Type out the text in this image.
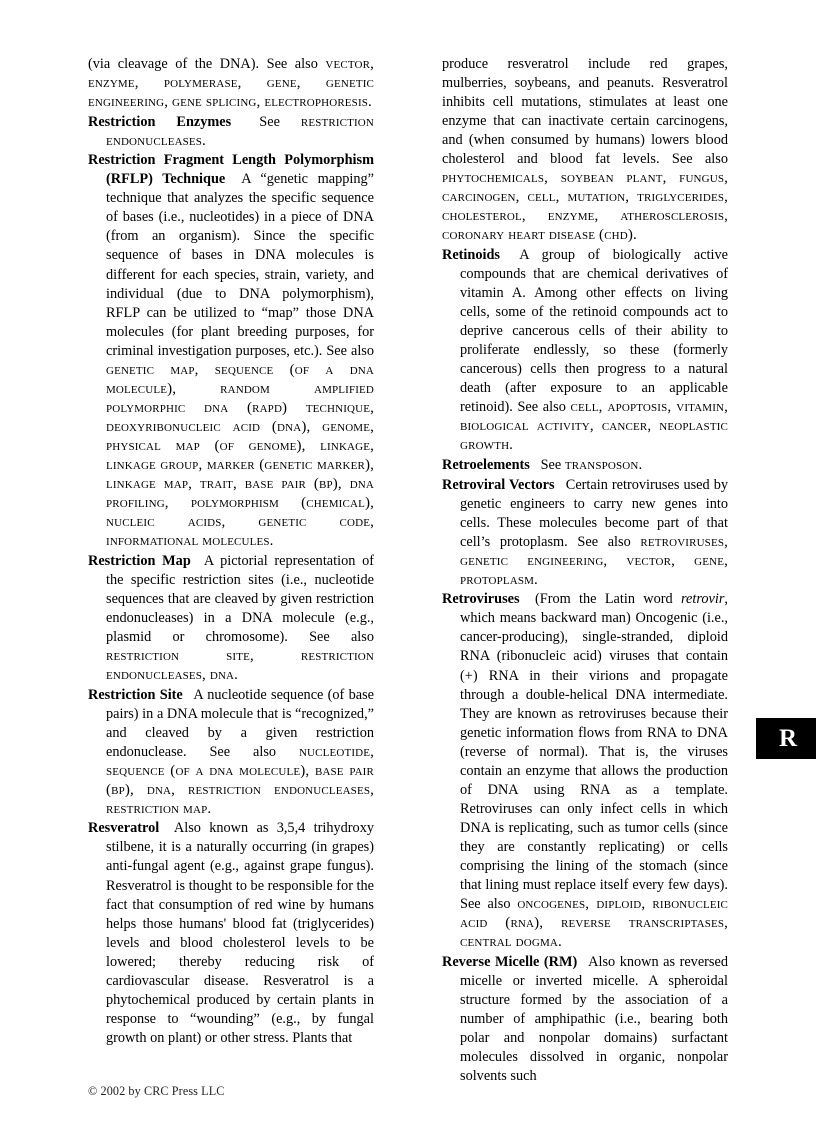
(via cleavage of the DNA). See also vector, enzyme, polymerase, gene, genetic engineering, gene splicing, electrophoresis.

Restriction Enzymes  See restriction endonucleases.

Restriction Fragment Length Polymorphism (RFLP) Technique  A “genetic mapping” technique that analyzes the specific sequence of bases (i.e., nucleotides) in a piece of DNA (from an organism). Since the specific sequence of bases in DNA molecules is different for each species, strain, variety, and individual (due to DNA polymorphism), RFLP can be utilized to “map” those DNA molecules (for plant breeding purposes, for criminal investigation purposes, etc.). See also genetic map, sequence (of a dna molecule), random amplified polymorphic dna (rapd) technique, deoxyribonucleic acid (dna), genome, physical map (of genome), linkage, linkage group, marker (genetic marker), linkage map, trait, base pair (bp), dna profiling, polymorphism (chemical), nucleic acids, genetic code, informational molecules.

Restriction Map  A pictorial representation of the specific restriction sites (i.e., nucleotide sequences that are cleaved by given restriction endonucleases) in a DNA molecule (e.g., plasmid or chromosome). See also restriction site, restriction endonucleases, dna.

Restriction Site  A nucleotide sequence (of base pairs) in a DNA molecule that is “recognized,” and cleaved by a given restriction endonuclease. See also nucleotide, sequence (of a dna molecule), base pair (bp), dna, restriction endonucleases, restriction map.

Resveratrol  Also known as 3,5,4 trihydroxy stilbene, it is a naturally occurring (in grapes) anti-fungal agent (e.g., against grape fungus). Resveratrol is thought to be responsible for the fact that consumption of red wine by humans helps those humans' blood fat (triglycerides) levels and blood cholesterol levels to be lowered; thereby reducing risk of cardiovascular disease. Resveratrol is a phytochemical produced by certain plants in response to “wounding” (e.g., by fungal growth on plant) or other stress. Plants that

produce resveratrol include red grapes, mulberries, soybeans, and peanuts. Resveratrol inhibits cell mutations, stimulates at least one enzyme that can inactivate certain carcinogens, and (when consumed by humans) lowers blood cholesterol and blood fat levels. See also phytochemicals, soybean plant, fungus, carcinogen, cell, mutation, triglycerides, cholesterol, enzyme, atherosclerosis, coronary heart disease (chd).

Retinoids  A group of biologically active compounds that are chemical derivatives of vitamin A. Among other effects on living cells, some of the retinoid compounds act to deprive cancerous cells of their ability to proliferate endlessly, so these (formerly cancerous) cells then progress to a natural death (after exposure to an applicable retinoid). See also cell, apoptosis, vitamin, biological activity, cancer, neoplastic growth.

Retroelements  See transposon.

Retroviral Vectors  Certain retroviruses used by genetic engineers to carry new genes into cells. These molecules become part of that cell’s protoplasm. See also retroviruses, genetic engineering, vector, gene, protoplasm.

Retroviruses  (From the Latin word retrovir, which means backward man) Oncogenic (i.e., cancer-producing), single-stranded, diploid RNA (ribonucleic acid) viruses that contain (+) RNA in their virions and propagate through a double-helical DNA intermediate. They are known as retroviruses because their genetic information flows from RNA to DNA (reverse of normal). That is, the viruses contain an enzyme that allows the production of DNA using RNA as a template. Retroviruses can only infect cells in which DNA is replicating, such as tumor cells (since they are constantly replicating) or cells comprising the lining of the stomach (since that lining must replace itself every few days). See also oncogenes, diploid, ribonucleic acid (rna), reverse transcriptases, central dogma.

Reverse Micelle (RM)  Also known as reversed micelle or inverted micelle. A spheroidal structure formed by the association of a number of amphipathic (i.e., bearing both polar and nonpolar domains) surfactant molecules dissolved in organic, nonpolar solvents such

R
© 2002 by CRC Press LLC
